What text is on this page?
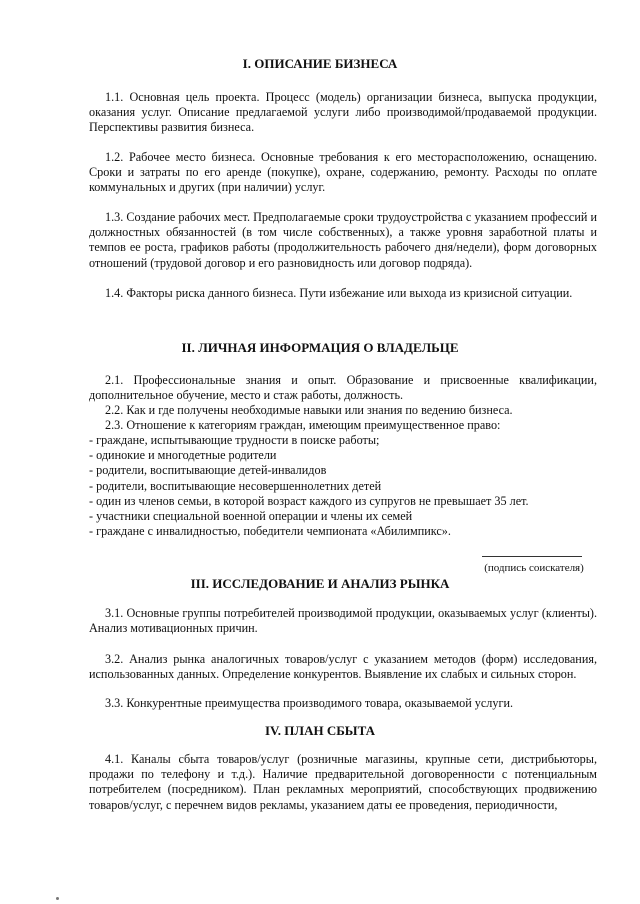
I. ОПИСАНИЕ БИЗНЕСА

1.1. Основная цель проекта. Процесс (модель) организации бизнеса, выпуска продукции, оказания услуг. Описание предлагаемой услуги либо производимой/продаваемой продукции. Перспективы развития бизнеса.

1.2. Рабочее место бизнеса. Основные требования к его месторасположению, оснащению. Сроки и затраты по его аренде (покупке), охране, содержанию, ремонту. Расходы по оплате коммунальных и других (при наличии) услуг.

1.3. Создание рабочих мест. Предполагаемые сроки трудоустройства с указанием профессий и должностных обязанностей (в том числе собственных), а также уровня заработной платы и темпов ее роста, графиков работы (продолжительность рабочего дня/недели), форм договорных отношений (трудовой договор и его разновидность или договор подряда).

1.4. Факторы риска данного бизнеса. Пути избежание или выхода из кризисной ситуации.

II. ЛИЧНАЯ ИНФОРМАЦИЯ О ВЛАДЕЛЬЦЕ

2.1. Профессиональные знания и опыт. Образование и присвоенные квалификации, дополнительное обучение, место и стаж работы, должность.

2.2. Как и где получены необходимые навыки или знания по ведению бизнеса.

2.3. Отношение к категориям граждан, имеющим преимущественное право:

- граждане, испытывающие трудности в поиске работы;
- одинокие и многодетные родители
- родители, воспитывающие детей-инвалидов
- родители, воспитывающие несовершеннолетних детей
- один из членов семьи, в которой возраст каждого из супругов не превышает 35 лет.
- участники специальной военной операции и члены их семей
- граждане с инвалидностью, победители чемпионата «Абилимпикс».
(подпись соискателя)
III. ИССЛЕДОВАНИЕ И АНАЛИЗ РЫНКА

3.1. Основные группы потребителей производимой продукции, оказываемых услуг (клиенты). Анализ мотивационных причин.

3.2. Анализ рынка аналогичных товаров/услуг с указанием методов (форм) исследования, использованных данных. Определение конкурентов. Выявление их слабых и сильных сторон.

3.3. Конкурентные преимущества производимого товара, оказываемой услуги.

IV. ПЛАН СБЫТА

4.1. Каналы сбыта товаров/услуг (розничные магазины, крупные сети, дистрибьюторы, продажи по телефону и т.д.). Наличие предварительной договоренности с потенциальным потребителем (посредником). План рекламных мероприятий, способствующих продвижению товаров/услуг, с перечнем видов рекламы, указанием даты ее проведения, периодичности,
